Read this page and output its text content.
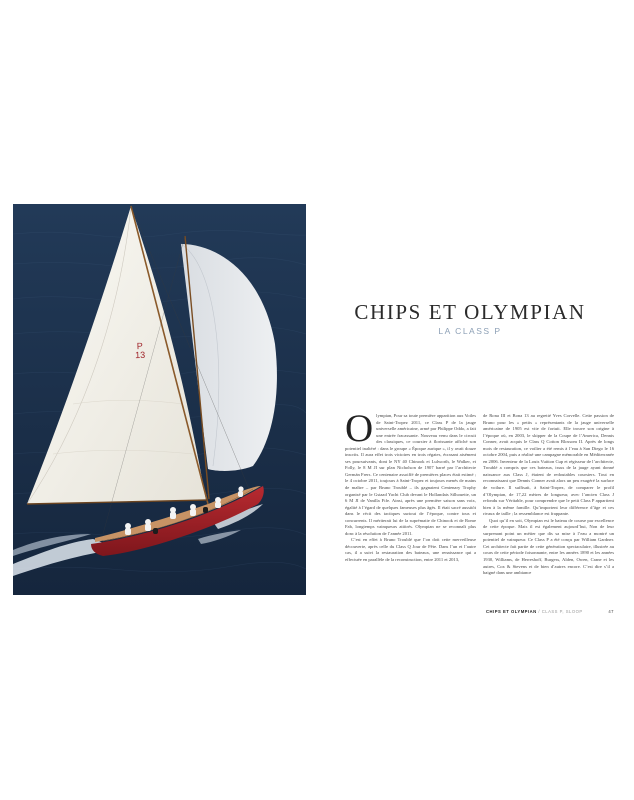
P
13
CHIPS ET OLYMPIAN
LA CLASS P

Olympian, Pour sa toute première apparition aux Voiles de Saint-Tropez 2011, ce Class P de la jauge universelle américaine, armé par Philippe Oddo, a fait une entrée fracassante. Nouveau venu dans le circuit des classiques, ce coursier à florissante affiché son potentiel inaltéré : dans le groupe « Époque aurique », il y avait douze inscrits. Il aura effet trois victoires en trois régates, écrasant aisément ses poursuivants, dont le NY 40 Chinook et Lulworth, le Walker, et Folly, le 8 M JI sur plan Nicholson de 1907 barré par l’architecte Germán Frers. Ce centenaire assoiffé de premières places était estimé ; le 4 octobre 2011, toujours à Saint-Tropez et toujours menés de mains de maître – par Bruno Troublé – ils gagnaient Centenary Trophy organisé par le Gstaad Yacht Club devant le Hollandais Silhouette, un 6 M JI de Vanilla Fife. Ainsi, après une première saison sans voix, égalité à l’égard de quelques fameuses plus âgés. Il était sacré aussitôt dans le récit des tactiques surtout de l’époque, contre tous et concurrents. Il mériterait lui de la suprématie de Chinook et de Rome Fab, longtemps vainqueurs attitrés. Olympian ne se reconnaît plus donc à la résolution de l’année 2011.

C’est en effet à Bruno Troublé que l’on doit cette merveilleuse découverte, après celle du Class Q Jour de Fête. Dans l’un et l’autre cas, il a suivi la restauration des bateaux, une renaissance qui a effectuée en parallèle de la reconstruction, entre 2011 et 2013,

de Rona III et Bona 13 au regretté Yves Corvelle. Cette passion de Bruno pour les « petits » représentants de la jauge universelle américaine de 1905 est vite de fortuit. Elle trouve son origine à l’époque où, en 2003, le skipper de la Coupe de l’America, Dennis Conner, avait acquis le Class Q Cotton Blossom II. Après de longs mois de restauration, ce voilier a été remis à l’eau à San Diego le 16 octobre 2004, puis a réalisé une campagne mémorable en Méditerranée en 2006. Inventeur de la Louis Vuitton Cup et régisseur de l’architecte, Troublé a compris que ces bateaux, issus de la jauge ayant donné naissance aux Class J, étaient de redoutables coursiers. Tout en reconnaissant que Dennis Conner avait alors un peu exagéré la surface de voilure. Il suffisait, à Saint-Tropez, de comparer le profil d’Olympian, de 17,22 mètres de longueur, avec l’ancien Class J refondu sur Véritable, pour comprendre que le petit Class P appartient bien à la même famille. Qu’importent leur différence d’âge et ces rivaux de taille ; la ressemblance est frappante.

Quoi qu’il en soit, Olympian est le bateau de course par excellence de cette époque. Mais il est également aujourd’hui, Non de leur surprenant point un métier que dis sa mise à l’eau a montré un potentiel de vainqueur. Ce Class P a été conçu par William Gardner. Cet architecte fait partie de cette génération spectaculaire, illustrée au cours de cette période foisonnante, entre les années 1890 et les années 1930, Williams, de Herreshoff, Burgess, Alden, Owen, Crane et les autres, Cox & Stevens et de bien d’autres encore. C’est dire s’il a baigné dans une ambiance

CHIPS ET OLYMPIAN / CLASS P, SLOOP	47
